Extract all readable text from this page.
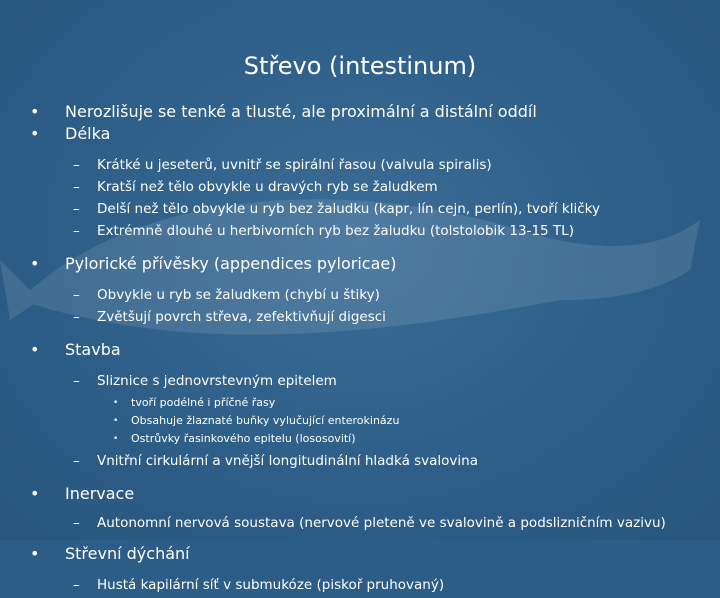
Střevo (intestinum)
• Nerozlišuje se tenké a tlusté, ale proximální a distální oddíl
• Délka
– Krátké u jeseterů, uvnitř se spirální řasou (valvula spiralis)
– Kratší než tělo obvykle u dravých ryb se žaludkem
– Delší než tělo obvykle u ryb bez žaludku (kapr, lín cejn, perlín), tvoří kličky
– Extrémně dlouhé u herbivorních ryb bez žaludku (tolstolobik 13-15 TL)
• Pylorické přívěsky (appendices pyloricae)
– Obvykle u ryb se žaludkem (chybí u štiky)
– Zvětšují povrch střeva, zefektivňují digesci
• Stavba
– Sliznice s jednovrstevným epitelem
• tvoří podélné i příčné řasy
• Obsahuje žlaznaté buňky vylučující enterokinázu
• Ostrůvky řasinkového epitelu (lososovití)
– Vnitřní cirkulární a vnější longitudinální hladká svalovina
• Inervace
– Autonomní nervová soustava (nervové pleteně ve svalovině a podslizničním vazivu)
• Střevní dýchání
– Hustá kapilární síť v submukóze (piskoř pruhovaný)
